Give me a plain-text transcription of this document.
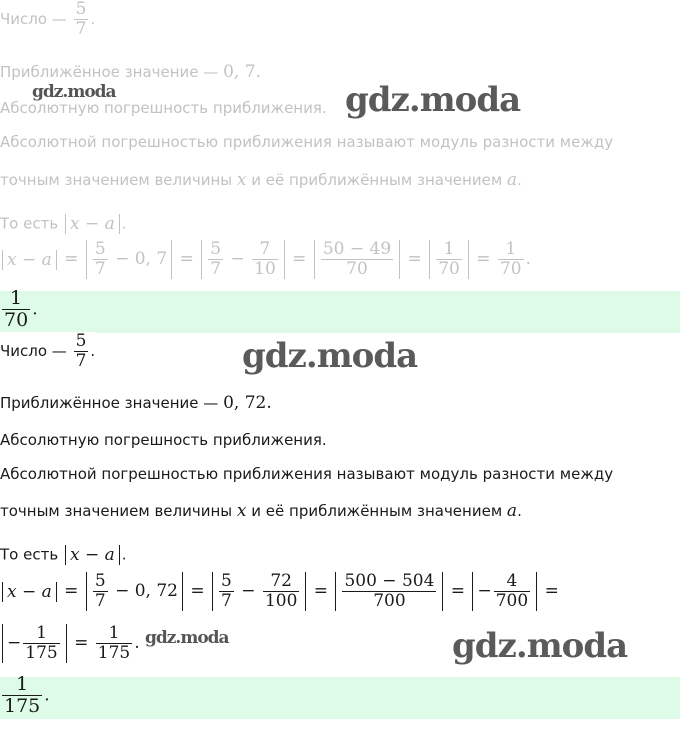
Число — $\frac{5}{7}$ .
Приближённое значение — 0, 7.
Абсолютную погрешность приближения.
Абсолютной погрешностью приближения называют модуль разности между
точным значением величины x и её приближённым значением a.
То есть x − a .
$x - a = \frac{5}{7} - 0$, $7 = \frac{5}{7} - \frac{7}{10} = \frac{50 - 49}{70} = \frac{1}{70} = \frac{1}{70}$ .
$\frac{1}{70}$ .
Число — $\frac{5}{7}$ .
Приближённое значение — 0, 72.
Абсолютную погрешность приближения.
Абсолютной погрешностью приближения называют модуль разности между
точным значением величины x и её приближённым значением a.
То есть x − a .
$x - a = \frac{5}{7} - 0$, $72 = \frac{5}{7} - \frac{72}{100} = \frac{500 - 504}{700}$ = − $\frac{4}{700}$ =
− $\frac{1}{175} = \frac{1}{175}$ .
$\frac{1}{175}$ .
gdz.moda	gdz.moda
gdz.moda
gdz.moda	gdz.moda
